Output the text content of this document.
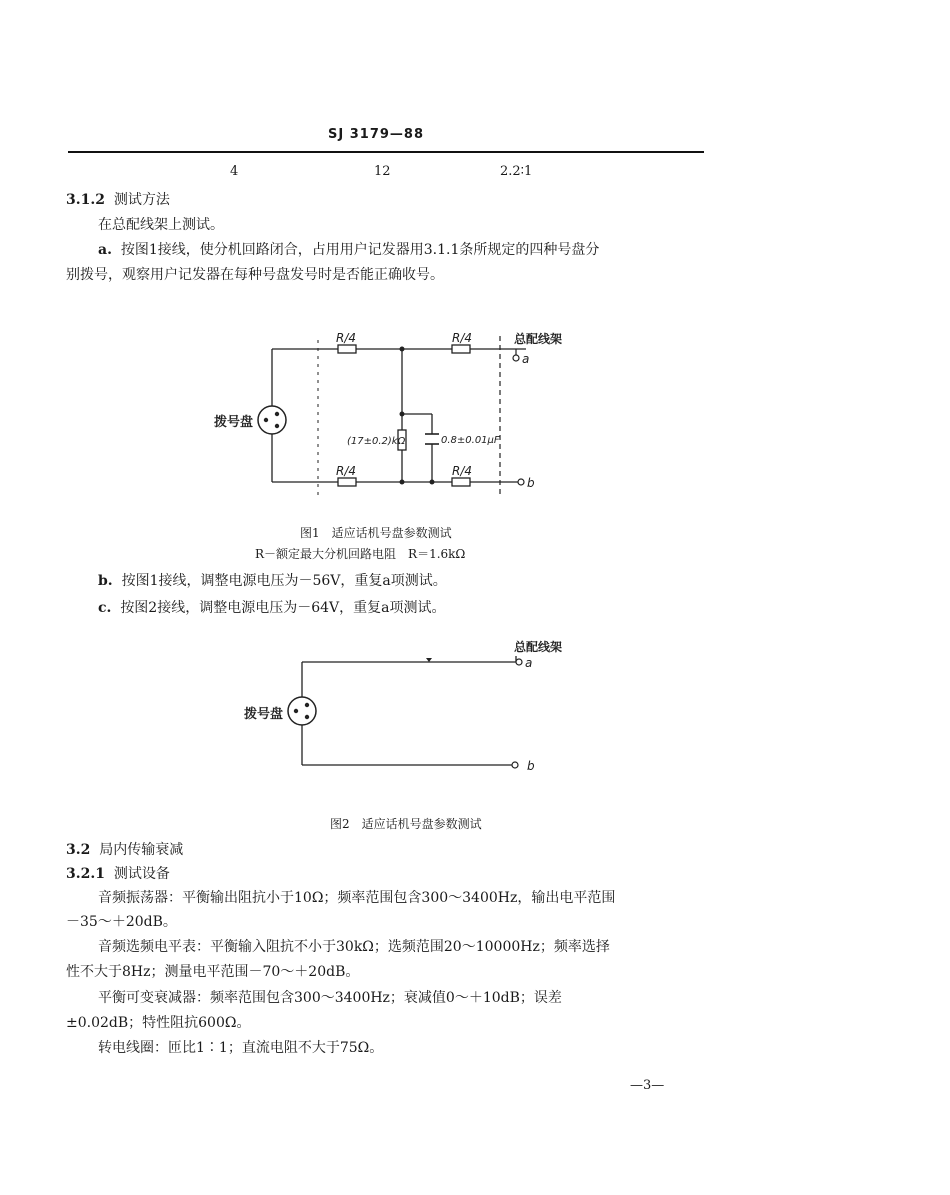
SJ 3179—88
4	12	2.2∶1
3.1.2 测试方法
在总配线架上测试。
a. 按图1接线，使分机回路闭合，占用用户记发器用3.1.1条所规定的四种号盘分
别拨号，观察用户记发器在每种号盘发号时是否能正确收号。
R/4	R/4
R/4	R/4
总配线架
a
b
拨号盘
(17±0.2)kΩ	0.8±0.01μF
图1　适应话机号盘参数测试
R－额定最大分机回路电阻　R＝1.6kΩ
b. 按图1接线，调整电源电压为－56V，重复a项测试。
c. 按图2接线，调整电源电压为－64V，重复a项测试。
总配线架
a
b
拨号盘
图2　适应话机号盘参数测试
3.2 局内传输衰减
3.2.1 测试设备
音频振荡器：平衡输出阻抗小于10Ω；频率范围包含300～3400Hz，输出电平范围
－35～＋20dB。
音频选频电平表：平衡输入阻抗不小于30kΩ；选频范围20～10000Hz；频率选择
性不大于8Hz；测量电平范围－70～＋20dB。
平衡可变衰减器：频率范围包含300～3400Hz；衰减值0～＋10dB；误差
±0.02dB；特性阻抗600Ω。
转电线圈：匝比1∶1；直流电阻不大于75Ω。
—3—
